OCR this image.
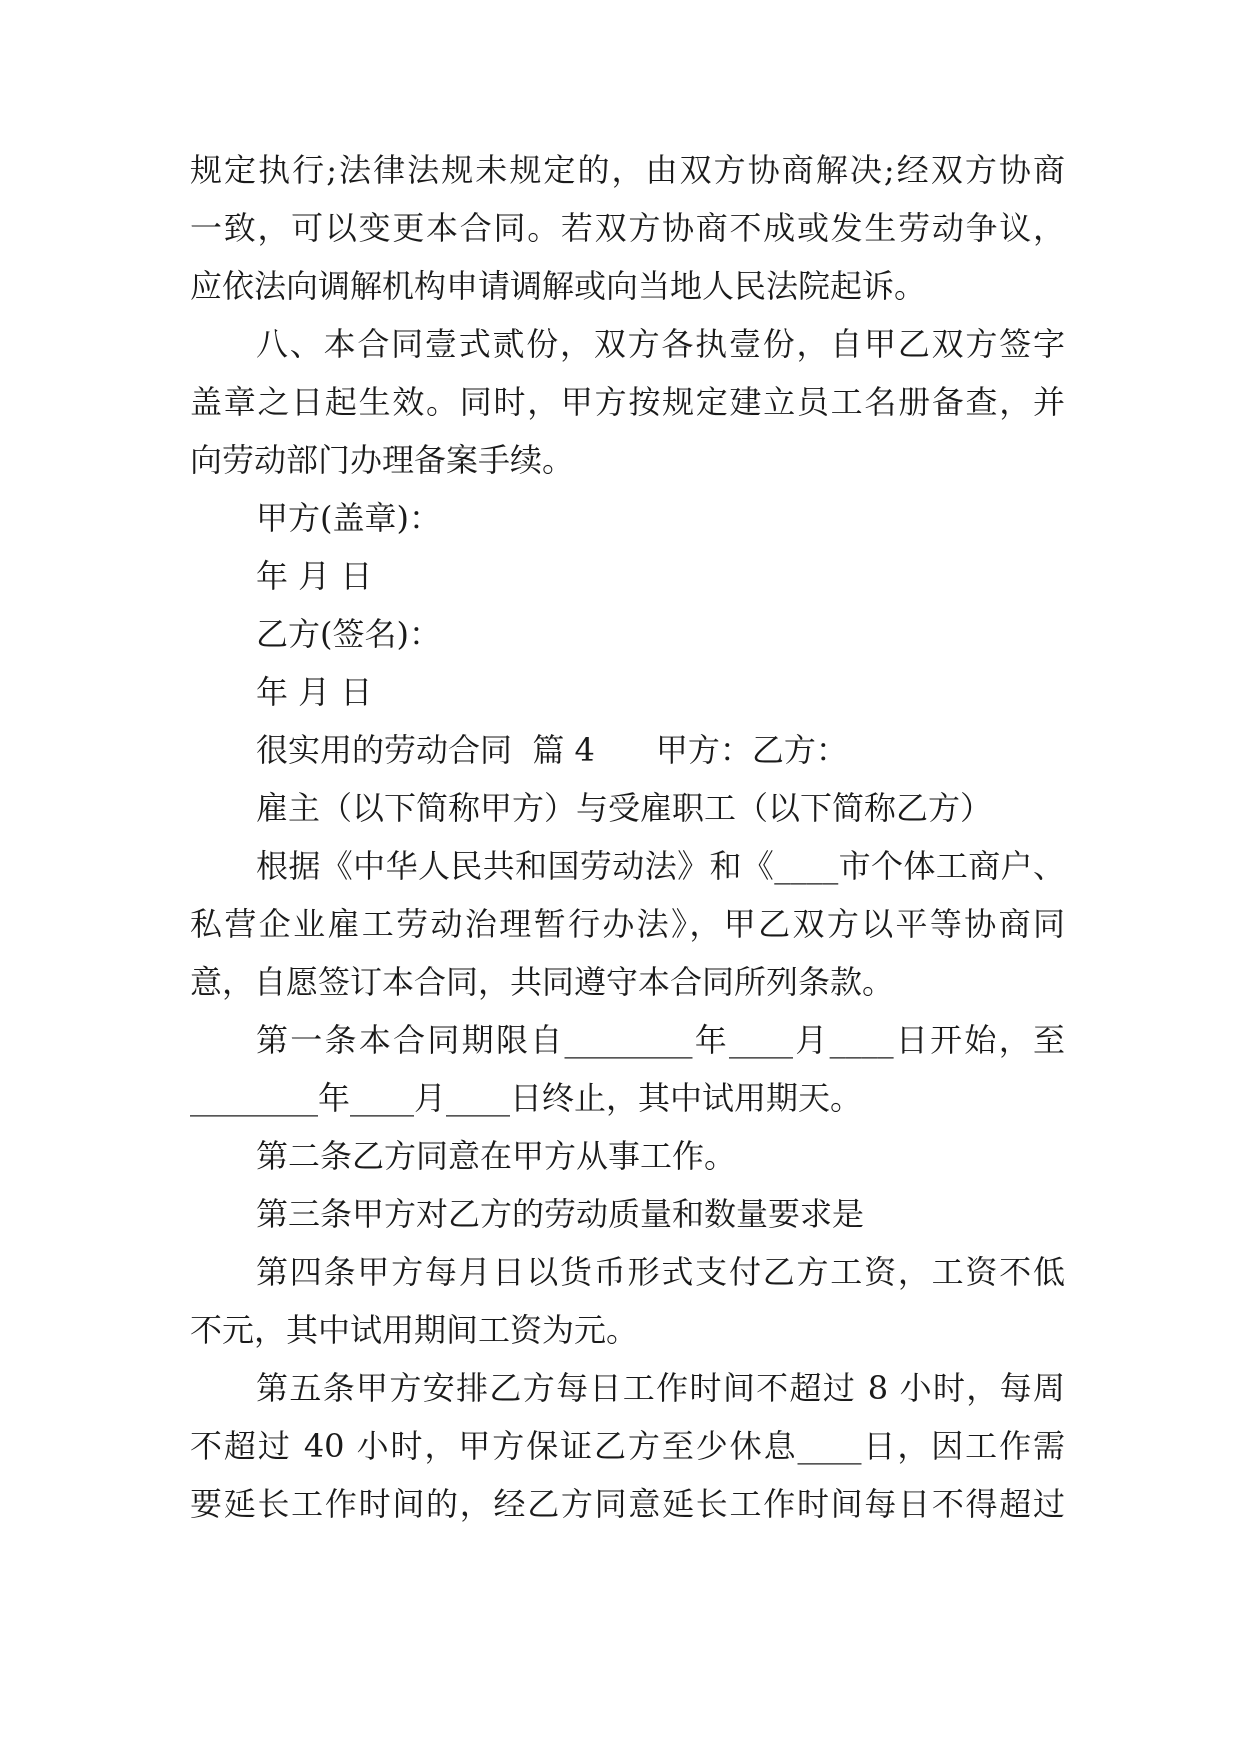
规定执行;法律法规未规定的，由双方协商解决;经双方协商
一致，可以变更本合同。若双方协商不成或发生劳动争议，
应依法向调解机构申请调解或向当地人民法院起诉。
八、本合同壹式贰份，双方各执壹份，自甲乙双方签字
盖章之日起生效。同时，甲方按规定建立员工名册备查，并
向劳动部门办理备案手续。
甲方(盖章)：
年 月 日
乙方(签名)：
年 月 日
很实用的劳动合同  篇 4      甲方：乙方：
雇主（以下简称甲方）与受雇职工（以下简称乙方）
根据《中华人民共和国劳动法》和《____市个体工商户、
私营企业雇工劳动治理暂行办法》，甲乙双方以平等协商同
意，自愿签订本合同，共同遵守本合同所列条款。
第一条本合同期限自________年____月____日开始，至
________年____月____日终止，其中试用期天。
第二条乙方同意在甲方从事工作。
第三条甲方对乙方的劳动质量和数量要求是
第四条甲方每月日以货币形式支付乙方工资，工资不低
不元，其中试用期间工资为元。
第五条甲方安排乙方每日工作时间不超过 8 小时，每周
不超过 40 小时，甲方保证乙方至少休息____日，因工作需
要延长工作时间的，经乙方同意延长工作时间每日不得超过
